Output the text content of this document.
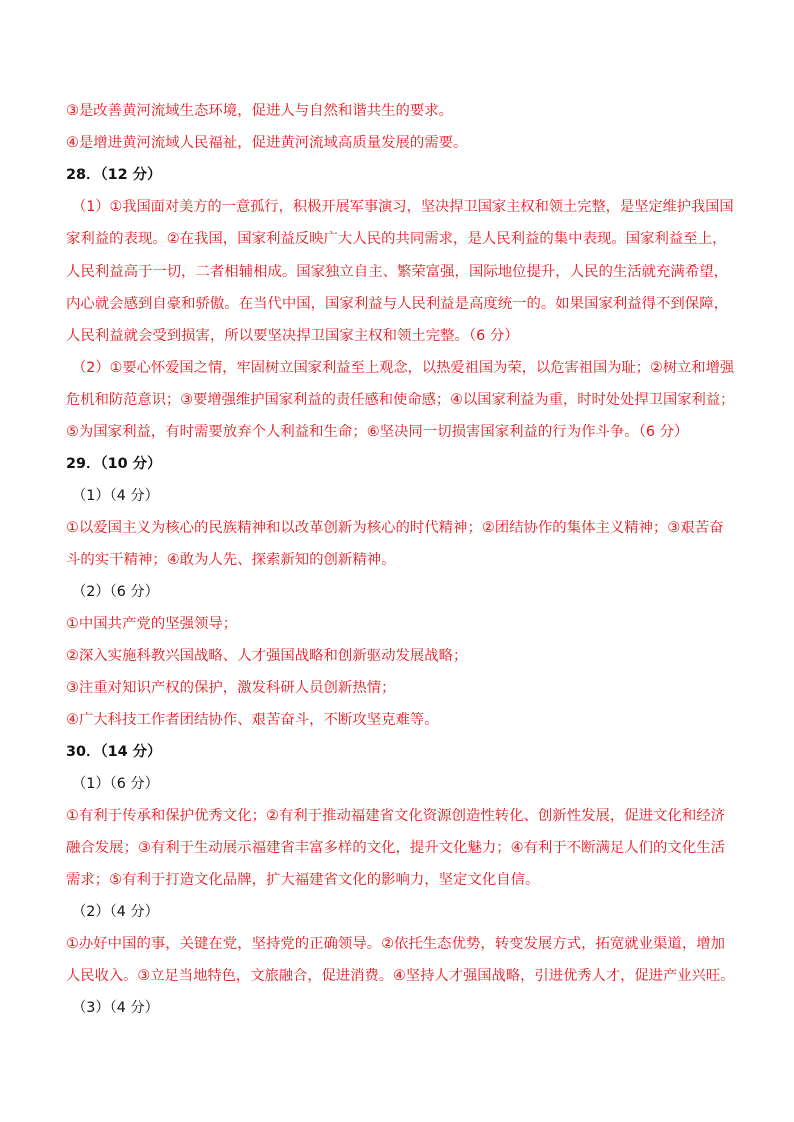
③是改善黄河流域生态环境，促进人与自然和谐共生的要求。
④是增进黄河流域人民福祉，促进黄河流域高质量发展的需要。
28．（12 分）
（1）①我国面对美方的一意孤行，积极开展军事演习，坚决捍卫国家主权和领土完整，是坚定维护我国国
家利益的表现。②在我国，国家利益反映广大人民的共同需求，是人民利益的集中表现。国家利益至上，
人民利益高于一切，二者相辅相成。国家独立自主、繁荣富强，国际地位提升，人民的生活就充满希望，
内心就会感到自豪和骄傲。在当代中国，国家利益与人民利益是高度统一的。如果国家利益得不到保障，
人民利益就会受到损害，所以要坚决捍卫国家主权和领土完整。（6 分）
（2）①要心怀爱国之情，牢固树立国家利益至上观念，以热爱祖国为荣，以危害祖国为耻；②树立和增强
危机和防范意识；③要增强维护国家利益的责任感和使命感；④以国家利益为重，时时处处捍卫国家利益；
⑤为国家利益，有时需要放弃个人利益和生命；⑥坚决同一切损害国家利益的行为作斗争。（6 分）
29．（10 分）
（1）（4 分）
①以爱国主义为核心的民族精神和以改革创新为核心的时代精神；②团结协作的集体主义精神；③艰苦奋
斗的实干精神；④敢为人先、探索新知的创新精神。
（2）（6 分）
①中国共产党的坚强领导；
②深入实施科教兴国战略、人才强国战略和创新驱动发展战略；
③注重对知识产权的保护，激发科研人员创新热情；
④广大科技工作者团结协作、艰苦奋斗，不断攻坚克难等。
30．（14 分）
（1）（6 分）
①有利于传承和保护优秀文化；②有利于推动福建省文化资源创造性转化、创新性发展，促进文化和经济
融合发展；③有利于生动展示福建省丰富多样的文化，提升文化魅力；④有利于不断满足人们的文化生活
需求；⑤有利于打造文化品牌，扩大福建省文化的影响力，坚定文化自信。
（2）（4 分）
①办好中国的事，关键在党，坚持党的正确领导。②依托生态优势，转变发展方式，拓宽就业渠道，增加
人民收入。③立足当地特色，文旅融合，促进消费。④坚持人才强国战略，引进优秀人才，促进产业兴旺。
（3）（4 分）
